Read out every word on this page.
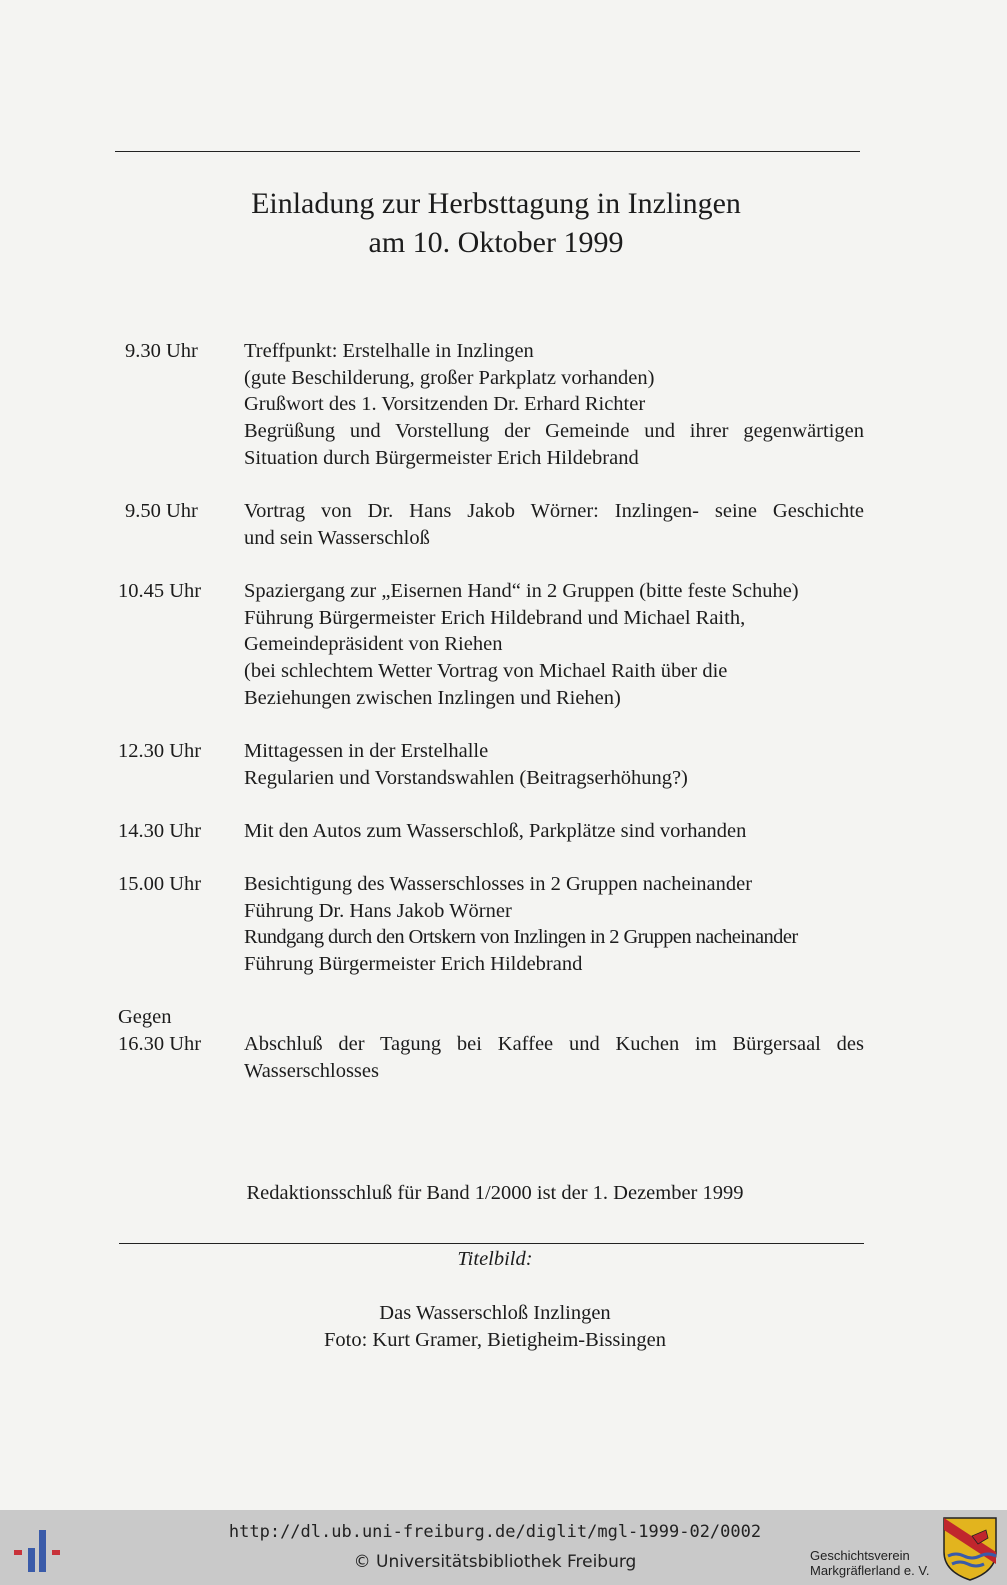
Einladung zur Herbsttagung in Inzlingen
am 10. Oktober 1999
9.30 Uhr Treffpunkt: Erstelhalle in Inzlingen
(gute Beschilderung, großer Parkplatz vorhanden)
Grußwort des 1. Vorsitzenden Dr. Erhard Richter
Begrüßung und Vorstellung der Gemeinde und ihrer gegenwärtigen
Situation durch Bürgermeister Erich Hildebrand
9.50 Uhr Vortrag von Dr. Hans Jakob Wörner: Inzlingen- seine Geschichte
und sein Wasserschloß
10.45 Uhr Spaziergang zur „Eisernen Hand“ in 2 Gruppen (bitte feste Schuhe)
Führung Bürgermeister Erich Hildebrand und Michael Raith,
Gemeindepräsident von Riehen
(bei schlechtem Wetter Vortrag von Michael Raith über die
Beziehungen zwischen Inzlingen und Riehen)
12.30 Uhr Mittagessen in der Erstelhalle
Regularien und Vorstandswahlen (Beitragserhöhung?)
14.30 Uhr Mit den Autos zum Wasserschloß, Parkplätze sind vorhanden
15.00 Uhr Besichtigung des Wasserschlosses in 2 Gruppen nacheinander
Führung Dr. Hans Jakob Wörner
Rundgang durch den Ortskern von Inzlingen in 2 Gruppen nacheinander
Führung Bürgermeister Erich Hildebrand
Gegen
16.30 Uhr Abschluß der Tagung bei Kaffee und Kuchen im Bürgersaal des
Wasserschlosses
Redaktionsschluß für Band 1/2000 ist der 1. Dezember 1999
Titelbild:
Das Wasserschloß Inzlingen
Foto: Kurt Gramer, Bietigheim-Bissingen
http://dl.ub.uni-freiburg.de/diglit/mgl-1999-02/0002
© Universitätsbibliothek Freiburg	Geschichtsverein
Markgräflerland e. V.
